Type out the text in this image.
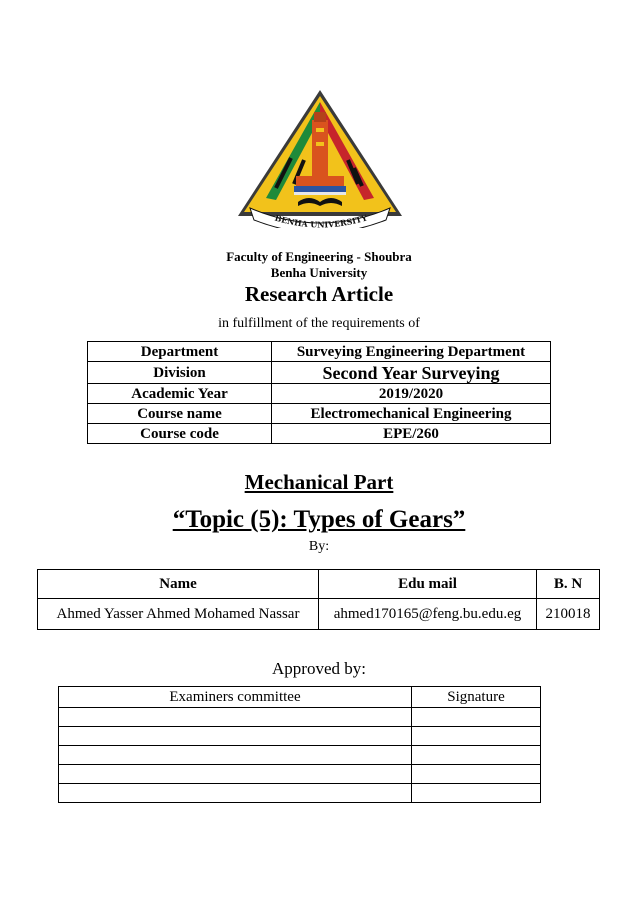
BENHA UNIVERSITY
Faculty of Engineering - Shoubra
Benha University
Research Article
in fulfillment of the requirements of
Department	Surveying Engineering Department
Division	Second Year Surveying
Academic Year	2019/2020
Course name	Electromechanical Engineering
Course code	EPE/260
Mechanical Part
“Topic (5): Types of Gears”
By:
Name	Edu mail	B. N
Ahmed Yasser Ahmed Mohamed Nassar	ahmed170165@feng.bu.edu.eg	210018
Approved by:
Examiners committee	Signature
